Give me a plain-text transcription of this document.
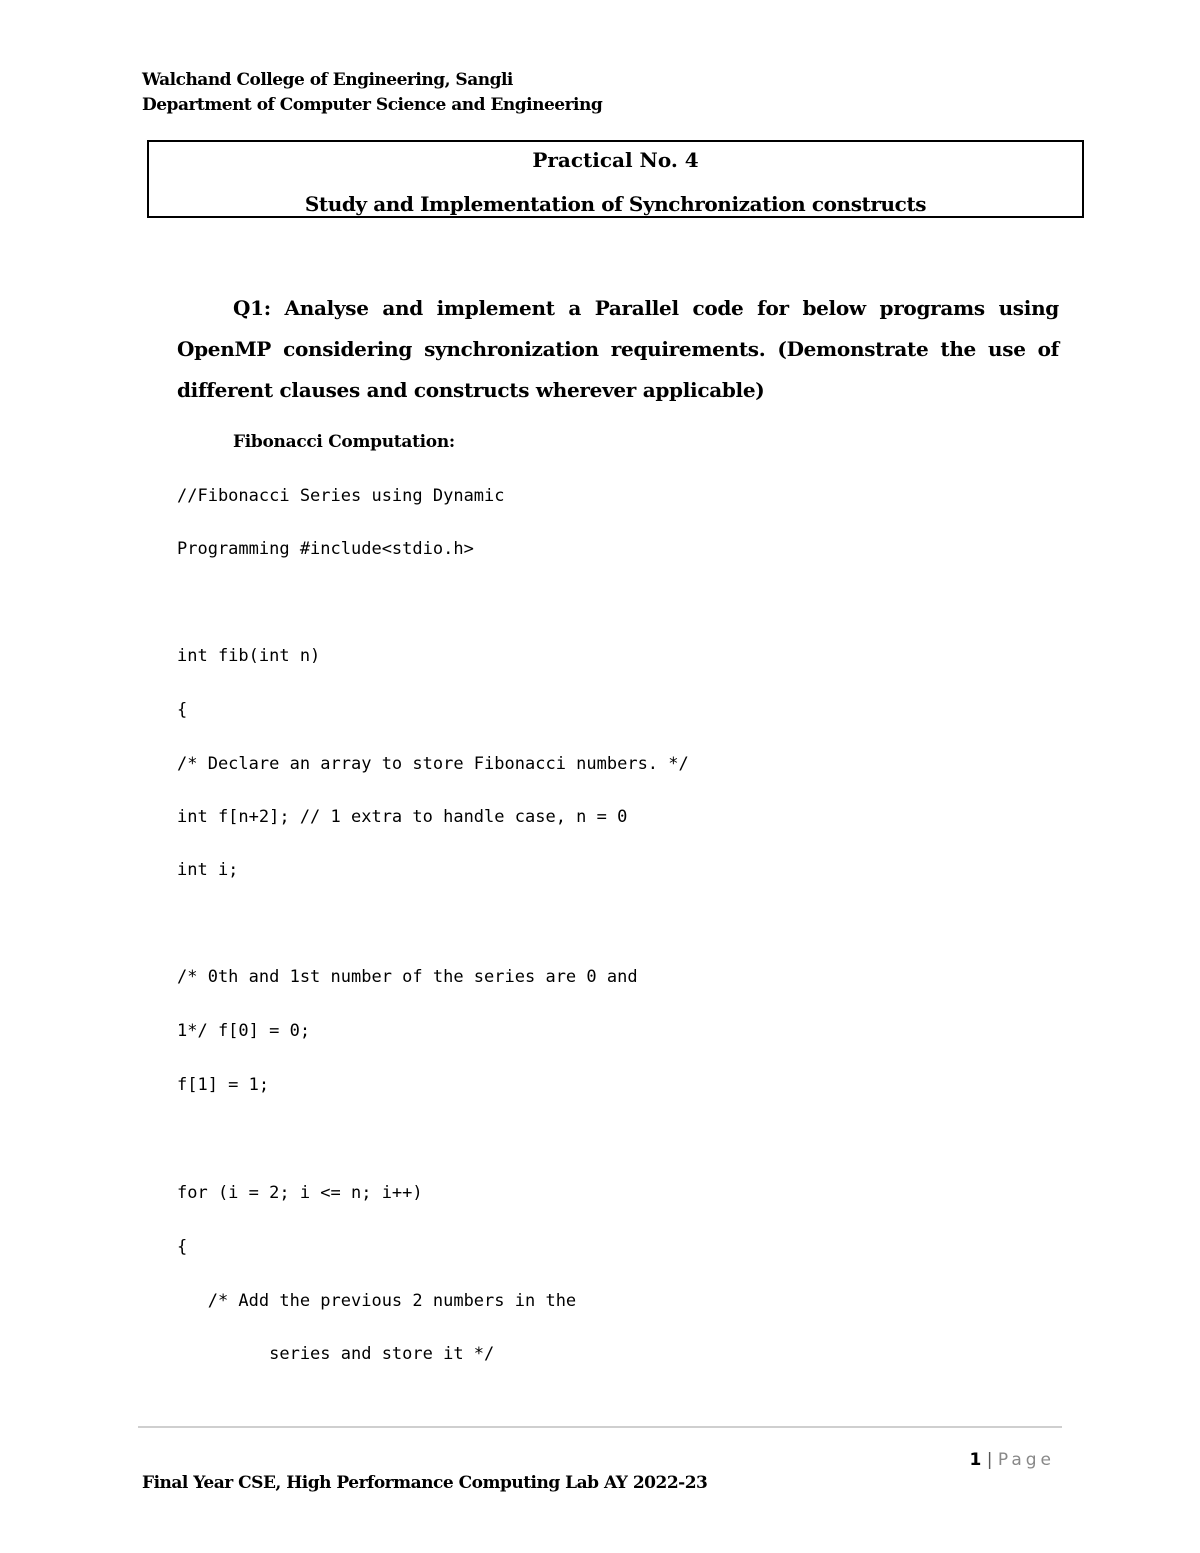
Walchand College of Engineering, Sangli
Department of Computer Science and Engineering
Practical No. 4
Study and Implementation of Synchronization constructs
Q1: Analyse and implement a Parallel code for below programs using OpenMP considering synchronization requirements. (Demonstrate the use of different clauses and constructs wherever applicable)
Fibonacci Computation:
//Fibonacci Series using Dynamic
Programming #include<stdio.h>
int fib(int n)
{
/* Declare an array to store Fibonacci numbers. */
int f[n+2]; // 1 extra to handle case, n = 0
int i;
/* 0th and 1st number of the series are 0 and
1*/ f[0] = 0;
f[1] = 1;
for (i = 2; i <= n; i++)
{
/* Add the previous 2 numbers in the
series and store it */
1 | Page
Final Year CSE, High Performance Computing Lab AY 2022-23
